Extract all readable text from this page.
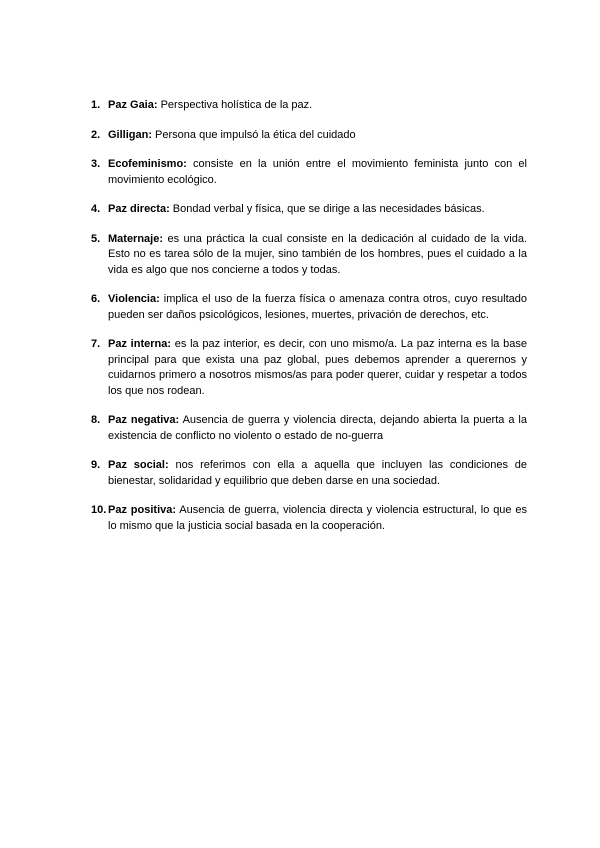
1. Paz Gaia: Perspectiva holística de la paz.
2. Gilligan: Persona que impulsó la ética del cuidado
3. Ecofeminismo: consiste en la unión entre el movimiento feminista junto con el movimiento ecológico.
4. Paz directa: Bondad verbal y física, que se dirige a las necesidades básicas.
5. Maternaje: es una práctica la cual consiste en la dedicación al cuidado de la vida. Esto no es tarea sólo de la mujer, sino también de los hombres, pues el cuidado a la vida es algo que nos concierne a todos y todas.
6. Violencia: implica el uso de la fuerza física o amenaza contra otros, cuyo resultado pueden ser daños psicológicos, lesiones, muertes, privación de derechos, etc.
7. Paz interna: es la paz interior, es decir, con uno mismo/a. La paz interna es la base principal para que exista una paz global, pues debemos aprender a querernos y cuidarnos primero a nosotros mismos/as para poder querer, cuidar y respetar a todos los que nos rodean.
8. Paz negativa: Ausencia de guerra y violencia directa, dejando abierta la puerta a la existencia de conflicto no violento o estado de no-guerra
9. Paz social: nos referimos con ella a aquella que incluyen las condiciones de bienestar, solidaridad y equilibrio que deben darse en una sociedad.
10. Paz positiva: Ausencia de guerra, violencia directa y violencia estructural, lo que es lo mismo que la justicia social basada en la cooperación.
